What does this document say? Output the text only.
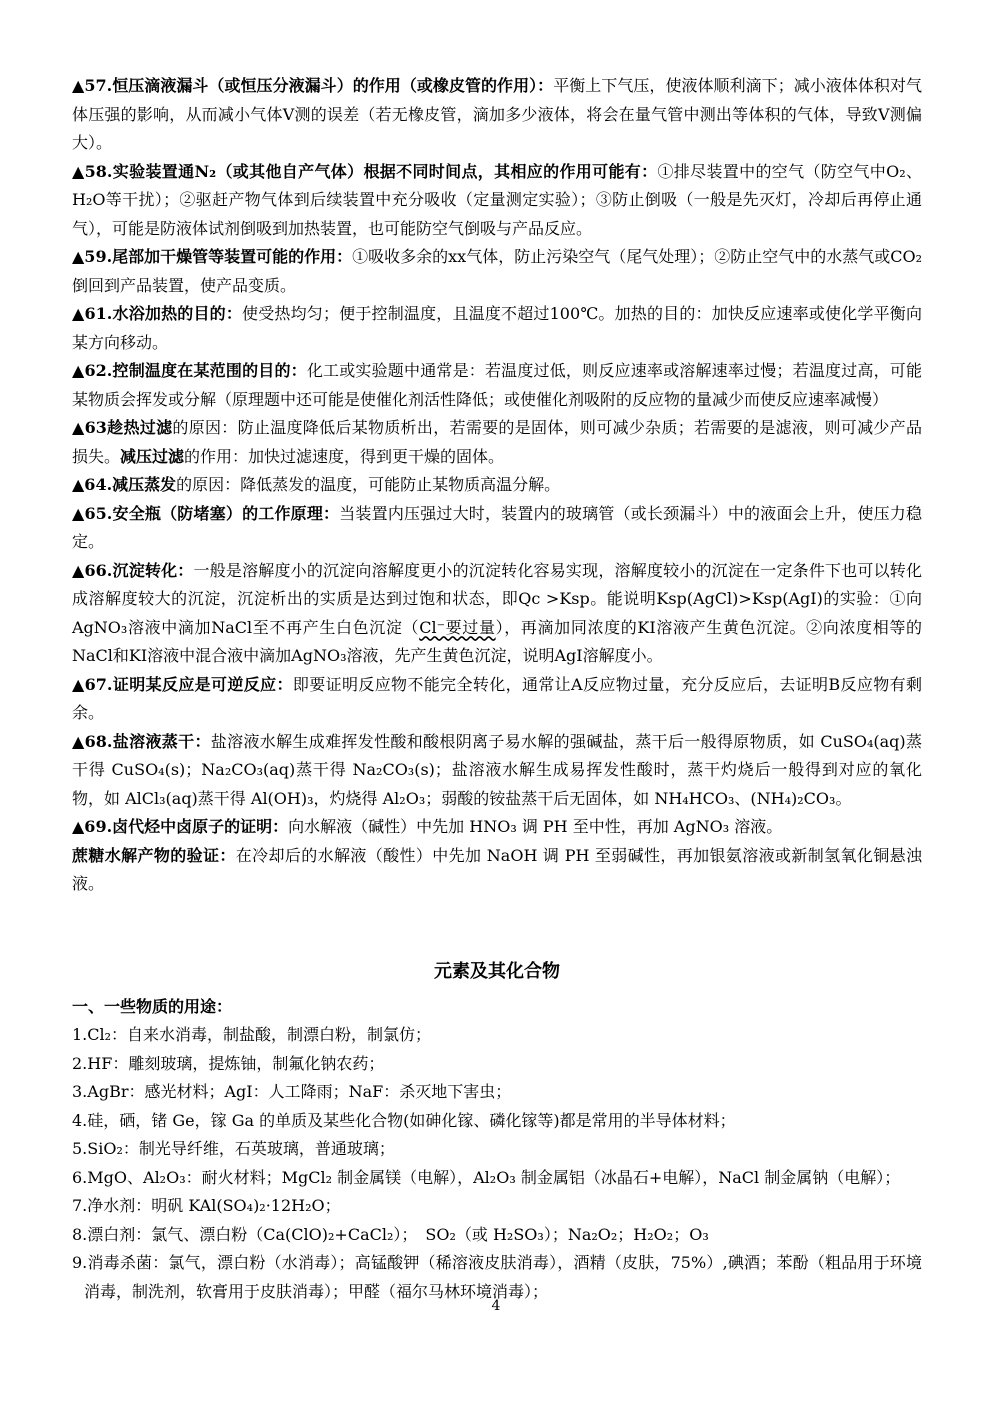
▲57.恒压滴液漏斗（或恒压分液漏斗）的作用（或橡皮管的作用）：平衡上下气压，使液体顺利滴下；减小液体体积对气体压强的影响，从而减小气体V测的误差（若无橡皮管，滴加多少液体，将会在量气管中测出等体积的气体，导致V测偏大）。

▲58.实验装置通N₂（或其他自产气体）根据不同时间点，其相应的作用可能有：①排尽装置中的空气（防空气中O₂、H₂O等干扰）；②驱赶产物气体到后续装置中充分吸收（定量测定实验）；③防止倒吸（一般是先灭灯，冷却后再停止通气），可能是防液体试剂倒吸到加热装置，也可能防空气倒吸与产品反应。

▲59.尾部加干燥管等装置可能的作用：①吸收多余的xx气体，防止污染空气（尾气处理）；②防止空气中的水蒸气或CO₂倒回到产品装置，使产品变质。

▲61.水浴加热的目的：使受热均匀；便于控制温度，且温度不超过100℃。加热的目的：加快反应速率或使化学平衡向某方向移动。

▲62.控制温度在某范围的目的：化工或实验题中通常是：若温度过低，则反应速率或溶解速率过慢；若温度过高，可能某物质会挥发或分解（原理题中还可能是使催化剂活性降低；或使催化剂吸附的反应物的量减少而使反应速率减慢）

▲63趁热过滤的原因：防止温度降低后某物质析出，若需要的是固体，则可减少杂质；若需要的是滤液，则可减少产品损失。减压过滤的作用：加快过滤速度，得到更干燥的固体。

▲64.减压蒸发的原因：降低蒸发的温度，可能防止某物质高温分解。

▲65.安全瓶（防堵塞）的工作原理：当装置内压强过大时，装置内的玻璃管（或长颈漏斗）中的液面会上升，使压力稳定。

▲66.沉淀转化：一般是溶解度小的沉淀向溶解度更小的沉淀转化容易实现，溶解度较小的沉淀在一定条件下也可以转化成溶解度较大的沉淀，沉淀析出的实质是达到过饱和状态，即Qc >Ksp。能说明Ksp(AgCl)>Ksp(AgI)的实验：①向AgNO₃溶液中滴加NaCl至不再产生白色沉淀（Cl⁻要过量），再滴加同浓度的KI溶液产生黄色沉淀。②向浓度相等的NaCl和KI溶液中混合液中滴加AgNO₃溶液，先产生黄色沉淀，说明AgI溶解度小。

▲67.证明某反应是可逆反应：即要证明反应物不能完全转化，通常让A反应物过量，充分反应后，去证明B反应物有剩余。

▲68.盐溶液蒸干：盐溶液水解生成难挥发性酸和酸根阴离子易水解的强碱盐，蒸干后一般得原物质，如 CuSO₄(aq)蒸干得 CuSO₄(s)；Na₂CO₃(aq)蒸干得 Na₂CO₃(s)；盐溶液水解生成易挥发性酸时，蒸干灼烧后一般得到对应的氧化物，如 AlCl₃(aq)蒸干得 Al(OH)₃，灼烧得 Al₂O₃；弱酸的铵盐蒸干后无固体，如 NH₄HCO₃、(NH₄)₂CO₃。

▲69.卤代烃中卤原子的证明：向水解液（碱性）中先加 HNO₃ 调 PH 至中性，再加 AgNO₃ 溶液。

蔗糖水解产物的验证：在冷却后的水解液（酸性）中先加 NaOH 调 PH 至弱碱性，再加银氨溶液或新制氢氧化铜悬浊液。

元素及其化合物

一、一些物质的用途：

1.Cl₂：自来水消毒，制盐酸，制漂白粉，制氯仿；

2.HF：雕刻玻璃，提炼铀，制氟化钠农药；

3.AgBr：感光材料；AgI：人工降雨；NaF：杀灭地下害虫；

4.硅，硒，锗 Ge，镓 Ga 的单质及某些化合物(如砷化镓、磷化镓等)都是常用的半导体材料；

5.SiO₂：制光导纤维，石英玻璃，普通玻璃；

6.MgO、Al₂O₃：耐火材料；MgCl₂ 制金属镁（电解），Al₂O₃ 制金属铝（冰晶石+电解），NaCl 制金属钠（电解）；

7.净水剂：明矾 KAl(SO₄)₂·12H₂O；

8.漂白剂：氯气、漂白粉（Ca(ClO)₂+CaCl₂）；　SO₂（或 H₂SO₃）；Na₂O₂；H₂O₂；O₃

9.消毒杀菌：氯气，漂白粉（水消毒）；高锰酸钾（稀溶液皮肤消毒），酒精（皮肤，75%）,碘酒；苯酚（粗品用于环境消毒，制洗剂，软膏用于皮肤消毒）；甲醛（福尔马林环境消毒）；

4
